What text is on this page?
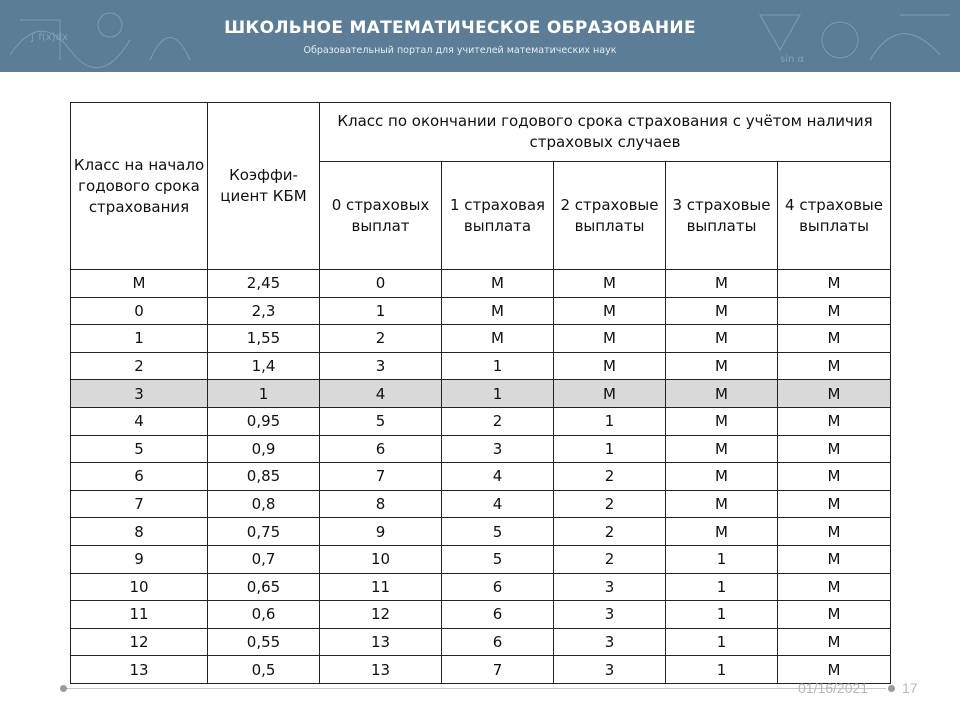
∫ f(x)dx
sin α
ШКОЛЬНОЕ МАТЕМАТИЧЕСКОЕ ОБРАЗОВАНИЕ
Образовательный портал для учителей математических наук
Класс на начало годового срока страхования	Коэффи-циент КБМ	Класс по окончании годового срока страхования с учётом наличия страховых случаев				
		0 страховых выплат	1 страховая выплата	2 страховые выплаты	3 страховые выплаты	4 страховые выплаты
М	2,45	0	М	М	М	М
0	2,3	1	М	М	М	М
1	1,55	2	М	М	М	М
2	1,4	3	1	М	М	М
3	1	4	1	М	М	М
4	0,95	5	2	1	М	М
5	0,9	6	3	1	М	М
6	0,85	7	4	2	М	М
7	0,8	8	4	2	М	М
8	0,75	9	5	2	М	М
9	0,7	10	5	2	1	М
10	0,65	11	6	3	1	М
11	0,6	12	6	3	1	М
12	0,55	13	6	3	1	М
13	0,5	13	7	3	1	М
01/16/2021 17
